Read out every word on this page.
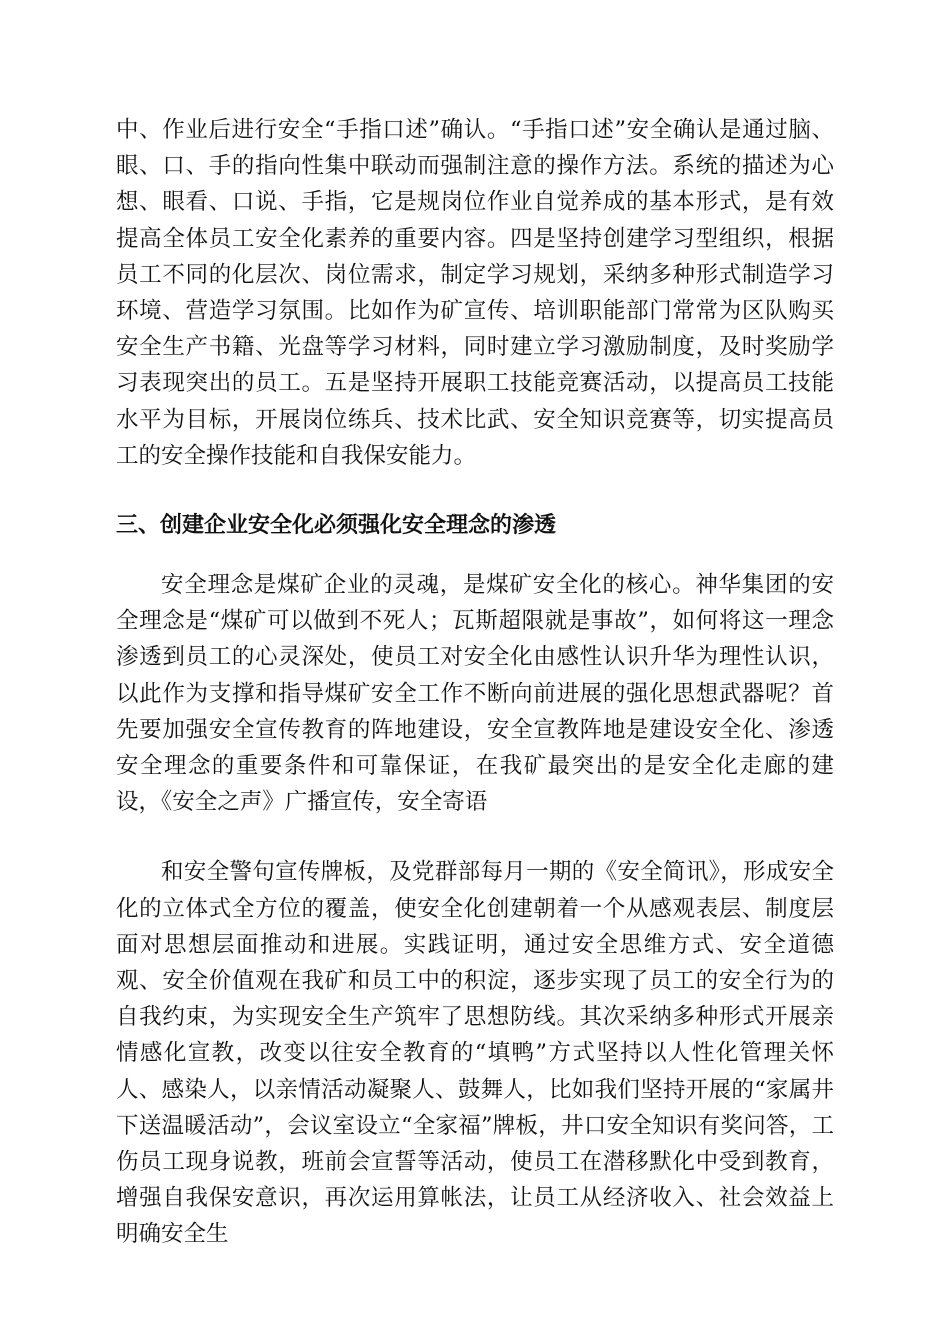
中、作业后进行安全“手指口述”确认。“手指口述”安全确认是通过脑、眼、口、手的指向性集中联动而强制注意的操作方法。系统的描述为心想、眼看、口说、手指，它是规岗位作业自觉养成的基本形式，是有效提高全体员工安全化素养的重要内容。四是坚持创建学习型组织，根据员工不同的化层次、岗位需求，制定学习规划，采纳多种形式制造学习环境、营造学习氛围。比如作为矿宣传、培训职能部门常常为区队购买安全生产书籍、光盘等学习材料，同时建立学习激励制度，及时奖励学习表现突出的员工。五是坚持开展职工技能竞赛活动，以提高员工技能水平为目标，开展岗位练兵、技术比武、安全知识竞赛等，切实提高员工的安全操作技能和自我保安能力。

三、创建企业安全化必须强化安全理念的渗透

安全理念是煤矿企业的灵魂，是煤矿安全化的核心。神华集团的安全理念是“煤矿可以做到不死人；瓦斯超限就是事故”，如何将这一理念渗透到员工的心灵深处，使员工对安全化由感性认识升华为理性认识，以此作为支撑和指导煤矿安全工作不断向前进展的强化思想武器呢？首先要加强安全宣传教育的阵地建设，安全宣教阵地是建设安全化、渗透安全理念的重要条件和可靠保证，在我矿最突出的是安全化走廊的建设，《安全之声》广播宣传，安全寄语

和安全警句宣传牌板，及党群部每月一期的《安全简讯》，形成安全化的立体式全方位的覆盖，使安全化创建朝着一个从感观表层、制度层面对思想层面推动和进展。实践证明，通过安全思维方式、安全道德观、安全价值观在我矿和员工中的积淀，逐步实现了员工的安全行为的自我约束，为实现安全生产筑牢了思想防线。其次采纳多种形式开展亲情感化宣教，改变以往安全教育的“填鸭”方式坚持以人性化管理关怀人、感染人，以亲情活动凝聚人、鼓舞人，比如我们坚持开展的“家属井下送温暖活动”，会议室设立“全家福”牌板，井口安全知识有奖问答，工伤员工现身说教，班前会宣誓等活动，使员工在潜移默化中受到教育，增强自我保安意识，再次运用算帐法，让员工从经济收入、社会效益上明确安全生
